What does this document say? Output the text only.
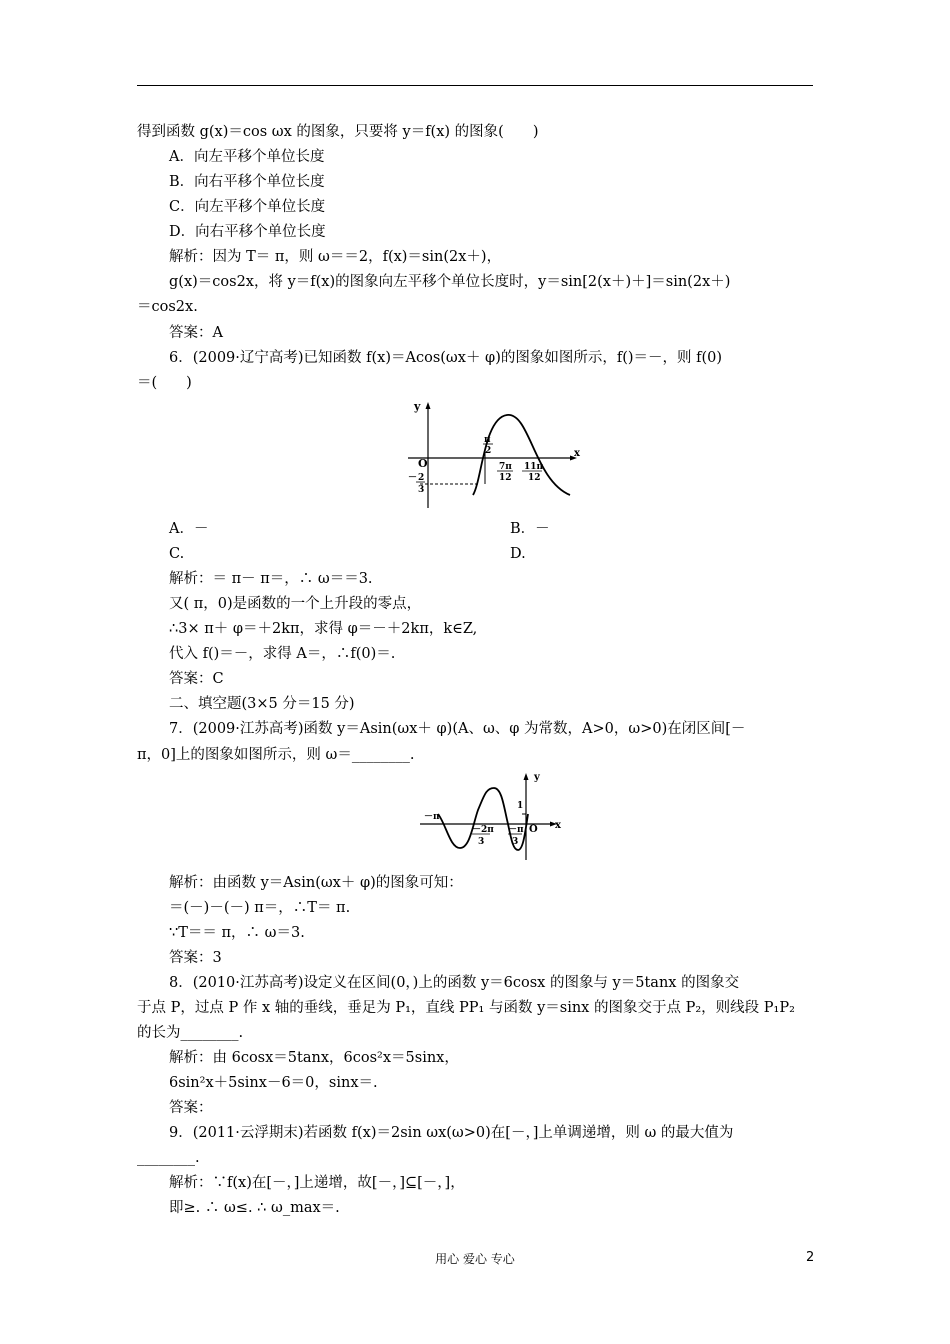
得到函数 g(x)＝cos ωx 的图象，只要将 y＝f(x) 的图象(　　)
A．向左平移个单位长度
B．向右平移个单位长度
C．向左平移个单位长度
D．向右平移个单位长度
解析：因为 T＝ π，则 ω＝＝2，f(x)＝sin(2x＋)，
g(x)＝cos2x，将 y＝f(x)的图象向左平移个单位长度时，y＝sin[2(x＋)＋]＝sin(2x＋)
＝cos2x.
答案：A
6．(2009·辽宁高考)已知函数 f(x)＝Acos(ωx＋ φ)的图象如图所示，f()＝－，则 f(0)
＝(　　)
y
x
O
π
2
－ 2
3
7π
12
11π
12
A．－	B．－
C.	D.
解析：＝ π－ π＝，∴ ω＝＝3.
又( π，0)是函数的一个上升段的零点，
∴3× π＋ φ＝＋2kπ，求得 φ＝－＋2kπ，k∈Z,
代入 f()＝－，求得 A＝，∴f(0)＝.
答案：C
二、填空题(3×5 分＝15 分)
7．(2009·江苏高考)函数 y＝Asin(ωx＋ φ)(A、ω、φ 为常数，A>0，ω>0)在闭区间[－
π，0]上的图象如图所示，则 ω＝________.
－π
1
y
x
O
－2π
3
－π
3
解析：由函数 y＝Asin(ωx＋ φ)的图象可知：
＝(－)－(－) π＝，∴T＝ π.
∵T＝＝ π，∴ ω＝3.
答案：3
8．(2010·江苏高考)设定义在区间(0，)上的函数 y＝6cosx 的图象与 y＝5tanx 的图象交
于点 P，过点 P 作 x 轴的垂线，垂足为 P₁，直线 PP₁ 与函数 y＝sinx 的图象交于点 P₂，则线段 P₁P₂
的长为________.
解析：由 6cosx＝5tanx，6cos²x＝5sinx，
6sin²x＋5sinx－6＝0，sinx＝.
答案：
9．(2011·云浮期末)若函数 f(x)＝2sin ωx(ω>0)在[－，]上单调递增，则 ω 的最大值为
________.
解析：∵f(x)在[－，]上递增，故[－，]⊆[－，]，
即≥. ∴ ω≤. ∴ ω_max＝.
用心 爱心 专心	2
